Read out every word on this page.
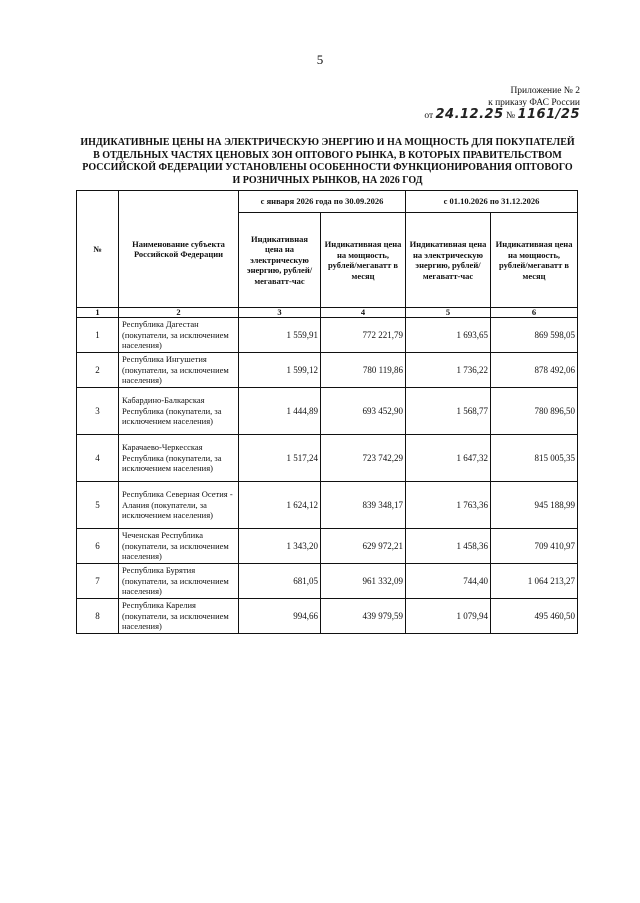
5
Приложение № 2
к приказу ФАС России
от 24.12.25 № 1161/25
ИНДИКАТИВНЫЕ ЦЕНЫ НА ЭЛЕКТРИЧЕСКУЮ ЭНЕРГИЮ И НА МОЩНОСТЬ ДЛЯ ПОКУПАТЕЛЕЙ В ОТДЕЛЬНЫХ ЧАСТЯХ ЦЕНОВЫХ ЗОН ОПТОВОГО РЫНКА, В КОТОРЫХ ПРАВИТЕЛЬСТВОМ РОССИЙСКОЙ ФЕДЕРАЦИИ УСТАНОВЛЕНЫ ОСОБЕННОСТИ ФУНКЦИОНИРОВАНИЯ ОПТОВОГО И РОЗНИЧНЫХ РЫНКОВ, НА 2026 ГОД
№	Наименование субъекта Российской Федерации	с января 2026 года по 30.09.2026		с 01.10.2026 по 31.12.2026	
		Индикативная цена на электрическую энергию, рублей/ мегаватт-час	Индикативная цена на мощность, рублей/мегаватт в месяц	Индикативная цена на электрическую энергию, рублей/ мегаватт-час	Индикативная цена на мощность, рублей/мегаватт в месяц
1	2	3	4	5	6
1	Республика Дагестан (покупатели, за исключением населения)	1 559,91	772 221,79	1 693,65	869 598,05
2	Республика Ингушетия (покупатели, за исключением населения)	1 599,12	780 119,86	1 736,22	878 492,06
3	Кабардино-Балкарская Республика (покупатели, за исключением населения)	1 444,89	693 452,90	1 568,77	780 896,50
4	Карачаево-Черкесская Республика (покупатели, за исключением населения)	1 517,24	723 742,29	1 647,32	815 005,35
5	Республика Северная Осетия - Алания (покупатели, за исключением населения)	1 624,12	839 348,17	1 763,36	945 188,99
6	Чеченская Республика (покупатели, за исключением населения)	1 343,20	629 972,21	1 458,36	709 410,97
7	Республика Бурятия (покупатели, за исключением населения)	681,05	961 332,09	744,40	1 064 213,27
8	Республика Карелия (покупатели, за исключением населения)	994,66	439 979,59	1 079,94	495 460,50
